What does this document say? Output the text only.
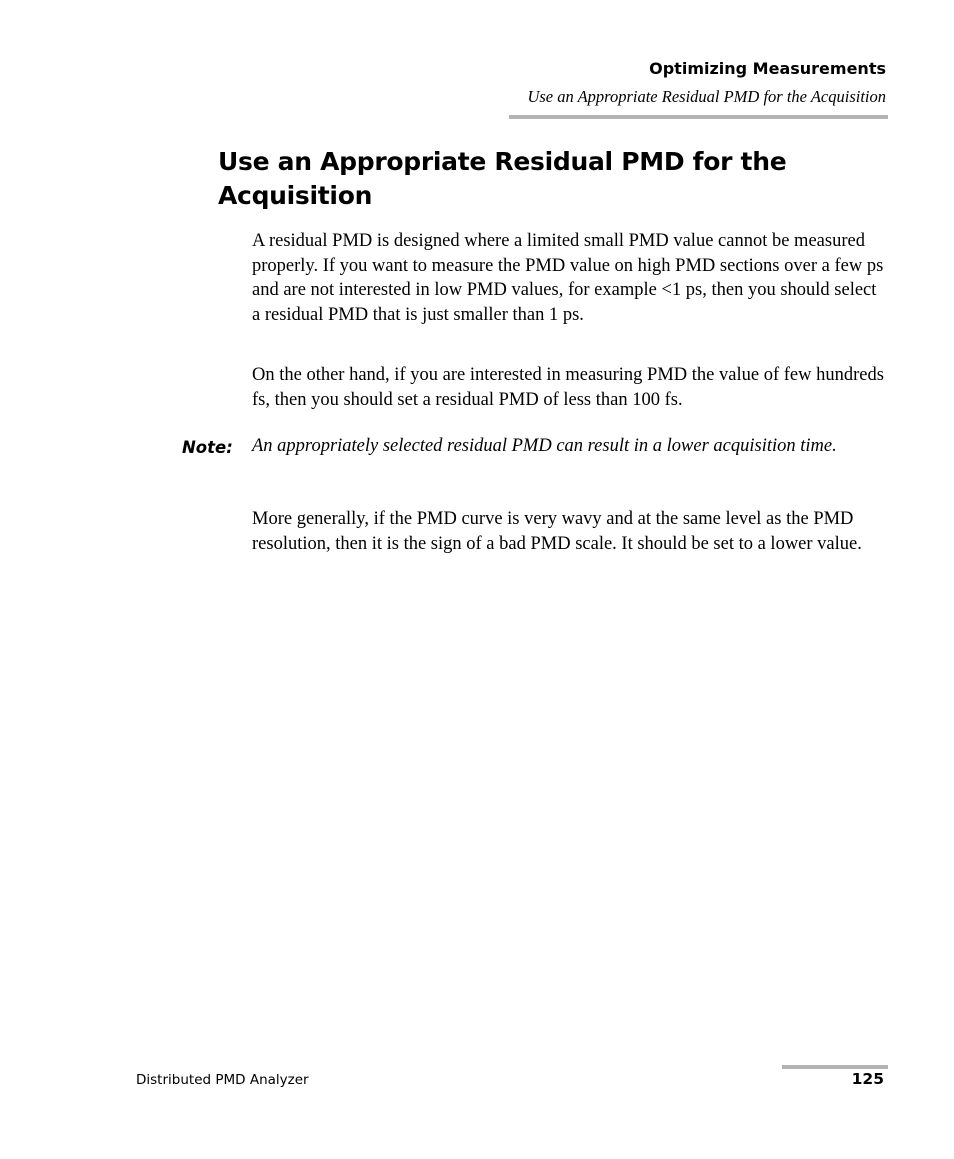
Optimizing Measurements
Use an Appropriate Residual PMD for the Acquisition
Use an Appropriate Residual PMD for the Acquisition

A residual PMD is designed where a limited small PMD value cannot be measured properly. If you want to measure the PMD value on high PMD sections over a few ps and are not interested in low PMD values, for example <1 ps, then you should select a residual PMD that is just smaller than 1 ps.

On the other hand, if you are interested in measuring PMD the value of few hundreds fs, then you should set a residual PMD of less than 100 fs.

Note: An appropriately selected residual PMD can result in a lower acquisition time.

More generally, if the PMD curve is very wavy and at the same level as the PMD resolution, then it is the sign of a bad PMD scale. It should be set to a lower value.

Distributed PMD Analyzer	125
